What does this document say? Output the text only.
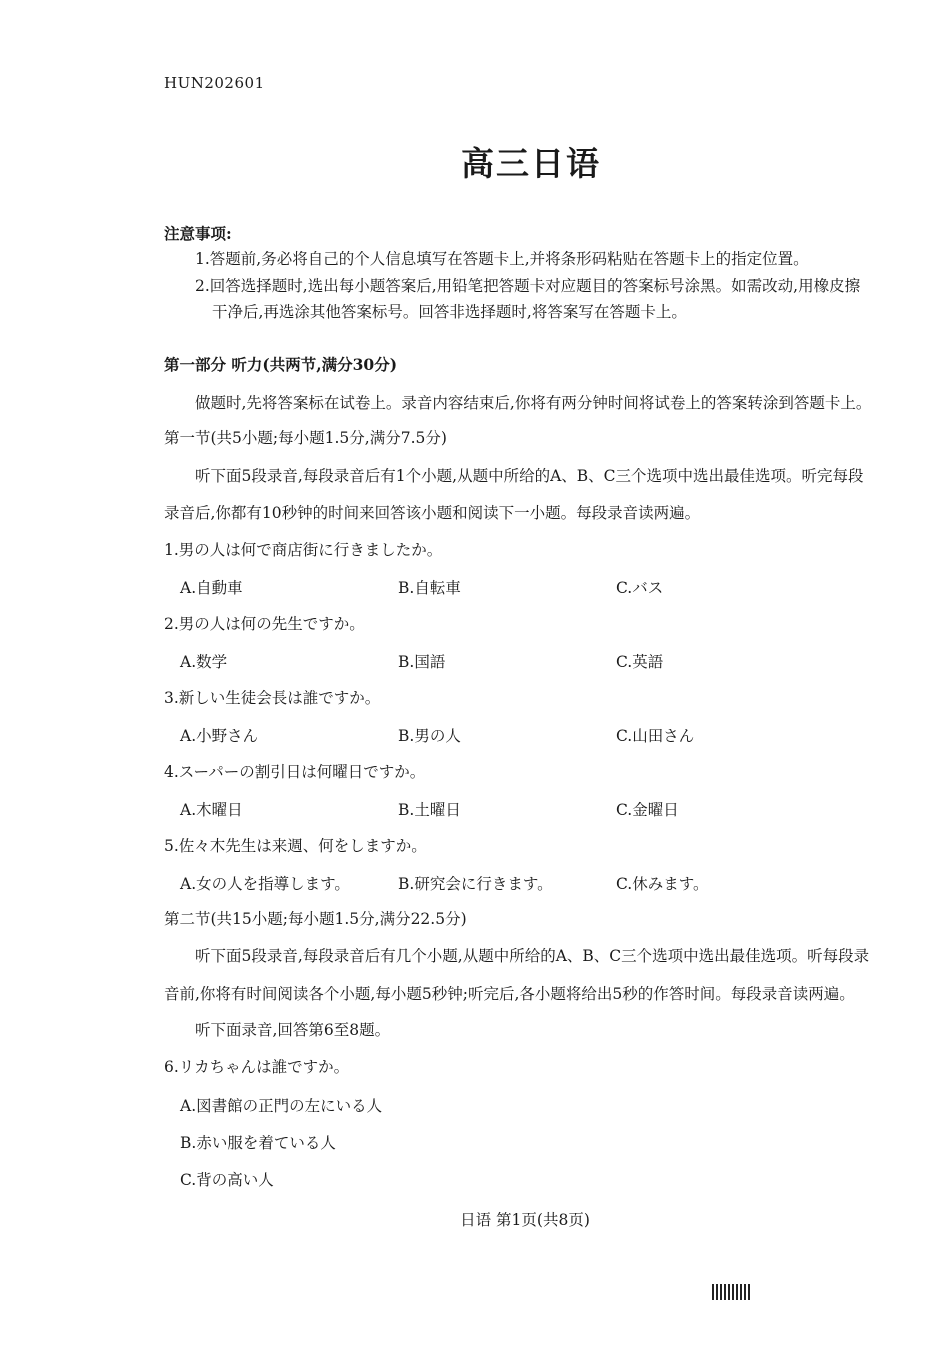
HUN202601
高三日语
注意事项:
1.答题前,务必将自己的个人信息填写在答题卡上,并将条形码粘贴在答题卡上的指定位置。
2.回答选择题时,选出每小题答案后,用铅笔把答题卡对应题目的答案标号涂黑。如需改动,用橡皮擦
干净后,再选涂其他答案标号。回答非选择题时,将答案写在答题卡上。
第一部分 听力(共两节,满分30分)
做题时,先将答案标在试卷上。录音内容结束后,你将有两分钟时间将试卷上的答案转涂到答题卡上。
第一节(共5小题;每小题1.5分,满分7.5分)
听下面5段录音,每段录音后有1个小题,从题中所给的A、B、C三个选项中选出最佳选项。听完每段
录音后,你都有10秒钟的时间来回答该小题和阅读下一小题。每段录音读两遍。
1.男の人は何で商店街に行きましたか。
A.自動車	B.自転車	C.バス
2.男の人は何の先生ですか。
A.数学	B.国語	C.英語
3.新しい生徒会長は誰ですか。
A.小野さん	B.男の人	C.山田さん
4.スーパーの割引日は何曜日ですか。
A.木曜日	B.土曜日	C.金曜日
5.佐々木先生は来週、何をしますか。
A.女の人を指導します。	B.研究会に行きます。	C.休みます。
第二节(共15小题;每小题1.5分,满分22.5分)
听下面5段录音,每段录音后有几个小题,从题中所给的A、B、C三个选项中选出最佳选项。听每段录
音前,你将有时间阅读各个小题,每小题5秒钟;听完后,各小题将给出5秒的作答时间。每段录音读两遍。
听下面录音,回答第6至8题。
6.リカちゃんは誰ですか。
A.図書館の正門の左にいる人
B.赤い服を着ている人
C.背の高い人
日语 第1页(共8页)
